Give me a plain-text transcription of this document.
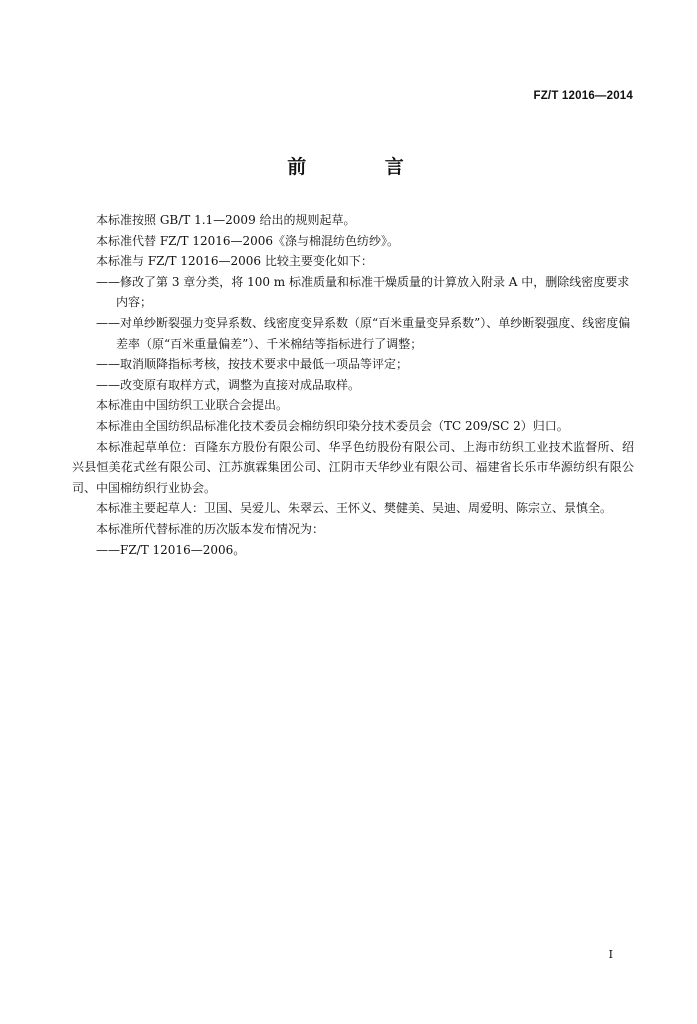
FZ/T 12016—2014
前 言

本标准按照 GB/T 1.1—2009 给出的规则起草。

本标准代替 FZ/T 12016—2006《涤与棉混纺色纺纱》。

本标准与 FZ/T 12016—2006 比较主要变化如下：

——修改了第 3 章分类，将 100 m 标准质量和标准干燥质量的计算放入附录 A 中，删除线密度要求内容；

——对单纱断裂强力变异系数、线密度变异系数（原“百米重量变异系数”）、单纱断裂强度、线密度偏差率（原“百米重量偏差”）、千米棉结等指标进行了调整；

——取消顺降指标考核，按技术要求中最低一项品等评定；

——改变原有取样方式，调整为直接对成品取样。

本标准由中国纺织工业联合会提出。

本标准由全国纺织品标准化技术委员会棉纺织印染分技术委员会（TC 209/SC 2）归口。

本标准起草单位：百隆东方股份有限公司、华孚色纺股份有限公司、上海市纺织工业技术监督所、绍兴县恒美花式丝有限公司、江苏旗霖集团公司、江阴市天华纱业有限公司、福建省长乐市华源纺织有限公司、中国棉纺织行业协会。

本标准主要起草人：卫国、吴爱儿、朱翠云、王怀义、樊健美、吴迪、周爱明、陈宗立、景慎全。

本标准所代替标准的历次版本发布情况为：

——FZ/T 12016—2006。

I
